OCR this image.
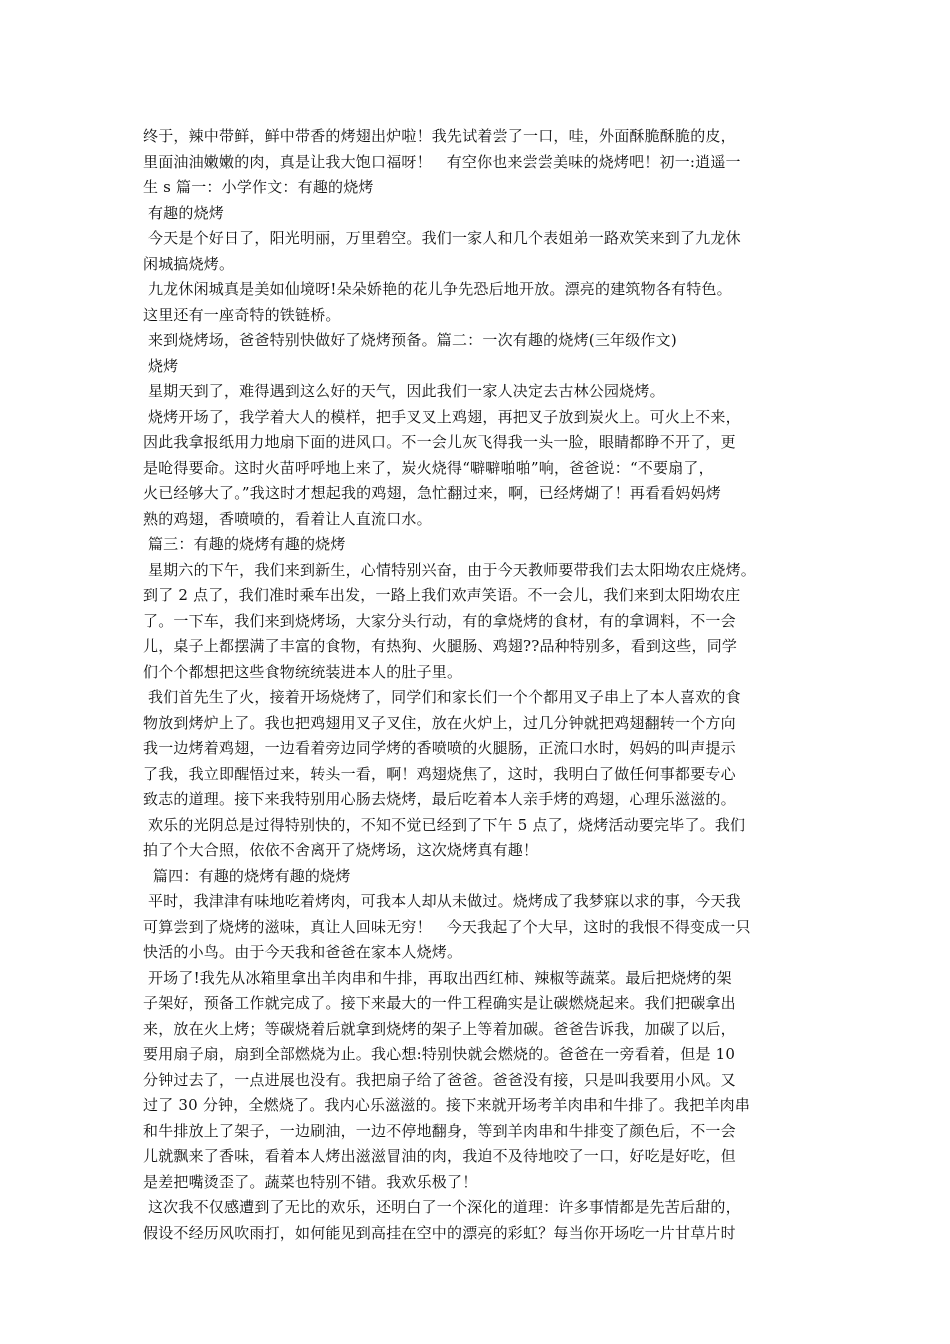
终于，辣中带鲜，鲜中带香的烤翅出炉啦！我先试着尝了一口，哇，外面酥脆酥脆的皮，
里面油油嫩嫩的肉，真是让我大饱口福呀！   有空你也来尝尝美味的烧烤吧！初一:逍遥一
生 s 篇一：小学作文：有趣的烧烤
有趣的烧烤
今天是个好日了，阳光明丽，万里碧空。我们一家人和几个表姐弟一路欢笑来到了九龙休
闲城搞烧烤。
九龙休闲城真是美如仙境呀!朵朵娇艳的花儿争先恐后地开放。漂亮的建筑物各有特色。
这里还有一座奇特的铁链桥。
来到烧烤场，爸爸特别快做好了烧烤预备。篇二：一次有趣的烧烤(三年级作文)
烧烤
星期天到了，难得遇到这么好的天气，因此我们一家人决定去古林公园烧烤。
烧烤开场了，我学着大人的模样，把手叉叉上鸡翅，再把叉子放到炭火上。可火上不来，
因此我拿报纸用力地扇下面的进风口。不一会儿灰飞得我一头一脸，眼睛都睁不开了，更
是呛得要命。这时火苗呼呼地上来了，炭火烧得“噼噼啪啪”响，爸爸说：“不要扇了，
火已经够大了。”我这时才想起我的鸡翅，急忙翻过来，啊，已经烤煳了！再看看妈妈烤
熟的鸡翅，香喷喷的，看着让人直流口水。
篇三：有趣的烧烤有趣的烧烤
星期六的下午，我们来到新生，心情特别兴奋，由于今天教师要带我们去太阳坳农庄烧烤。
到了 2 点了，我们准时乘车出发，一路上我们欢声笑语。不一会儿，我们来到太阳坳农庄
了。一下车，我们来到烧烤场，大家分头行动，有的拿烧烤的食材，有的拿调料，不一会
儿，桌子上都摆满了丰富的食物，有热狗、火腿肠、鸡翅??品种特别多，看到这些，同学
们个个都想把这些食物统统装进本人的肚子里。
我们首先生了火，接着开场烧烤了，同学们和家长们一个个都用叉子串上了本人喜欢的食
物放到烤炉上了。我也把鸡翅用叉子叉住，放在火炉上，过几分钟就把鸡翅翻转一个方向
我一边烤着鸡翅，一边看着旁边同学烤的香喷喷的火腿肠，正流口水时，妈妈的叫声提示
了我，我立即醒悟过来，转头一看，啊！鸡翅烧焦了，这时，我明白了做任何事都要专心
致志的道理。接下来我特别用心肠去烧烤，最后吃着本人亲手烤的鸡翅，心理乐滋滋的。
欢乐的光阴总是过得特别快的，不知不觉已经到了下午 5 点了，烧烤活动要完毕了。我们
拍了个大合照，依依不舍离开了烧烤场，这次烧烤真有趣！
篇四：有趣的烧烤有趣的烧烤
平时，我津津有味地吃着烤肉，可我本人却从未做过。烧烤成了我梦寐以求的事，今天我
可算尝到了烧烤的滋味，真让人回味无穷！   今天我起了个大早，这时的我恨不得变成一只
快活的小鸟。由于今天我和爸爸在家本人烧烤。
开场了!我先从冰箱里拿出羊肉串和牛排，再取出西红柿、辣椒等蔬菜。最后把烧烤的架
子架好，预备工作就完成了。接下来最大的一件工程确实是让碳燃烧起来。我们把碳拿出
来，放在火上烤；等碳烧着后就拿到烧烤的架子上等着加碳。爸爸告诉我，加碳了以后，
要用扇子扇，扇到全部燃烧为止。我心想:特别快就会燃烧的。爸爸在一旁看着，但是 10
分钟过去了，一点进展也没有。我把扇子给了爸爸。爸爸没有接，只是叫我要用小风。又
过了 30 分钟，全燃烧了。我内心乐滋滋的。接下来就开场考羊肉串和牛排了。我把羊肉串
和牛排放上了架子，一边刷油，一边不停地翻身，等到羊肉串和牛排变了颜色后，不一会
儿就飘来了香味，看着本人烤出滋滋冒油的肉，我迫不及待地咬了一口，好吃是好吃，但
是差把嘴烫歪了。蔬菜也特别不错。我欢乐极了！
这次我不仅感遭到了无比的欢乐，还明白了一个深化的道理：许多事情都是先苦后甜的，
假设不经历风吹雨打，如何能见到高挂在空中的漂亮的彩虹？每当你开场吃一片甘草片时
